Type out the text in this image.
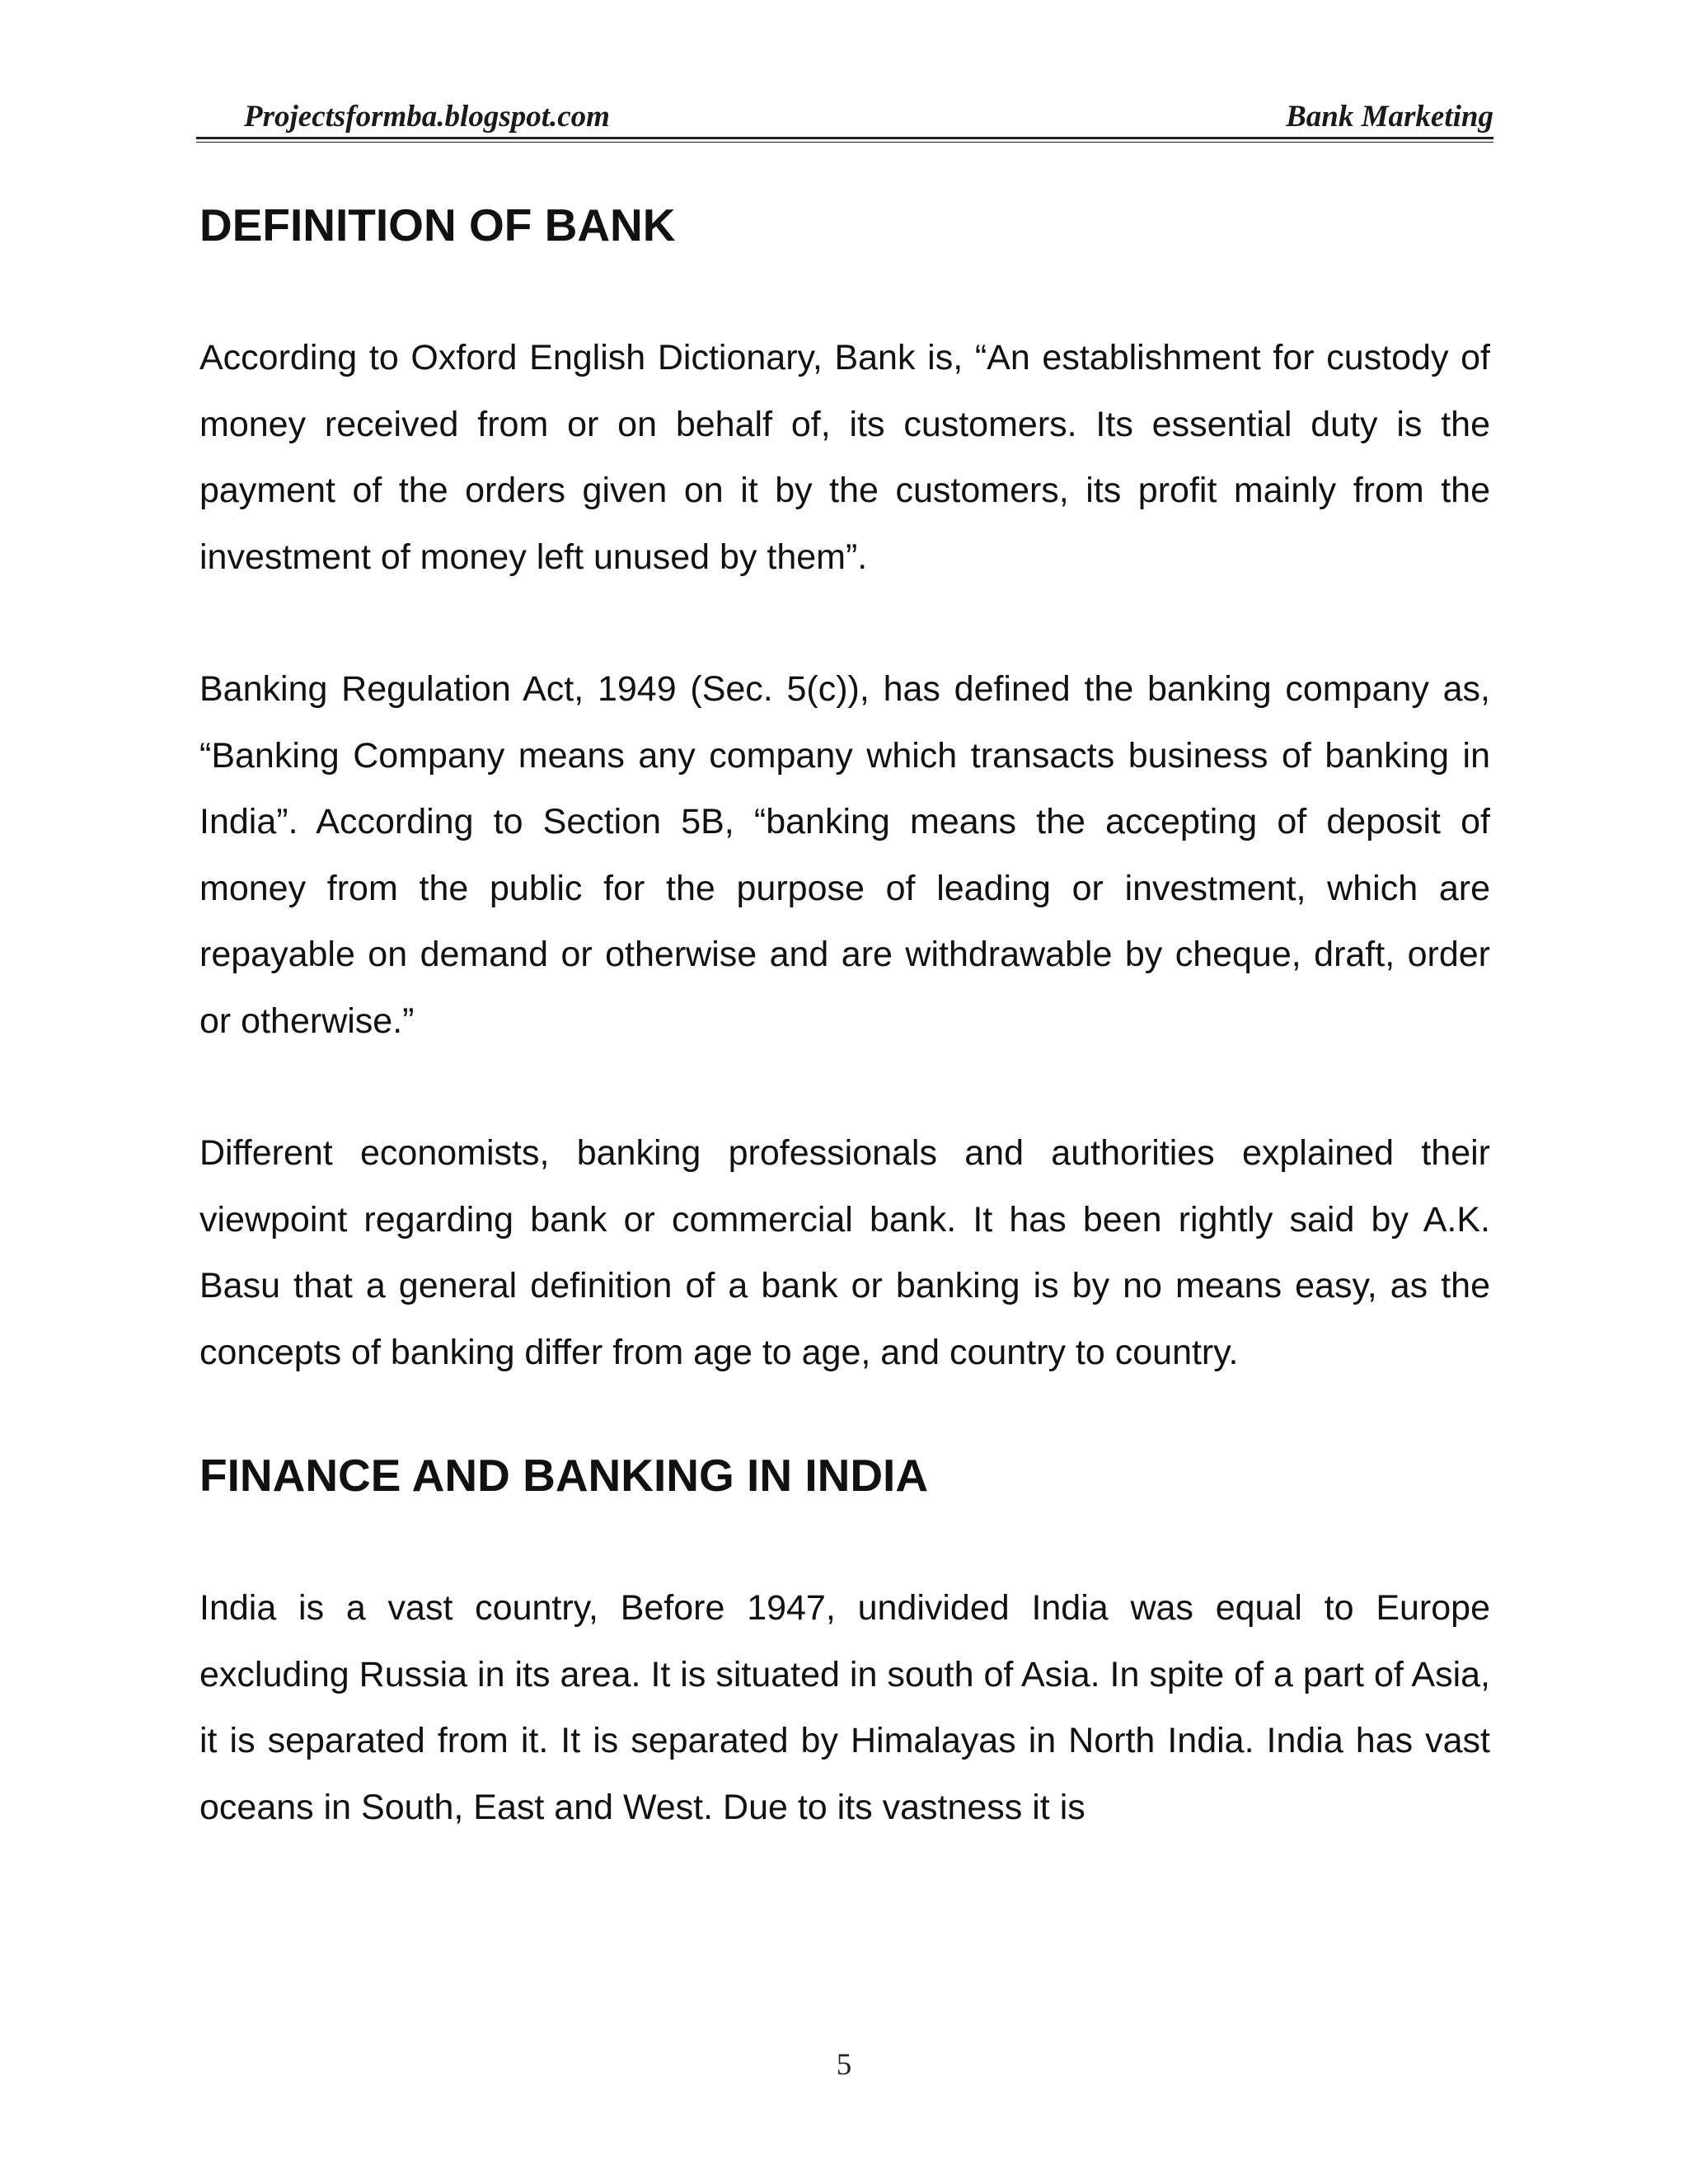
Projectsformba.blogspot.com	Bank Marketing
DEFINITION OF BANK

According to Oxford English Dictionary, Bank is, “An establishment for custody of money received from or on behalf of, its customers. Its essential duty is the payment of the orders given on it by the customers, its profit mainly from the investment of money left unused by them”.

Banking Regulation Act, 1949 (Sec. 5(c)), has defined the banking company as, “Banking Company means any company which transacts business of banking in India”. According to Section 5B, “banking means the accepting of deposit of money from the public for the purpose of leading or investment, which are repayable on demand or otherwise and are withdrawable by cheque, draft, order or otherwise.”

Different economists, banking professionals and authorities explained their viewpoint regarding bank or commercial bank. It has been rightly said by A.K. Basu that a general definition of a bank or banking is by no means easy, as the concepts of banking differ from age to age, and country to country.

FINANCE AND BANKING IN INDIA

India is a vast country, Before 1947, undivided India was equal to Europe excluding Russia in its area. It is situated in south of Asia. In spite of a part of Asia, it is separated from it. It is separated by Himalayas in North India. India has vast oceans in South, East and West. Due to its vastness it is

5
